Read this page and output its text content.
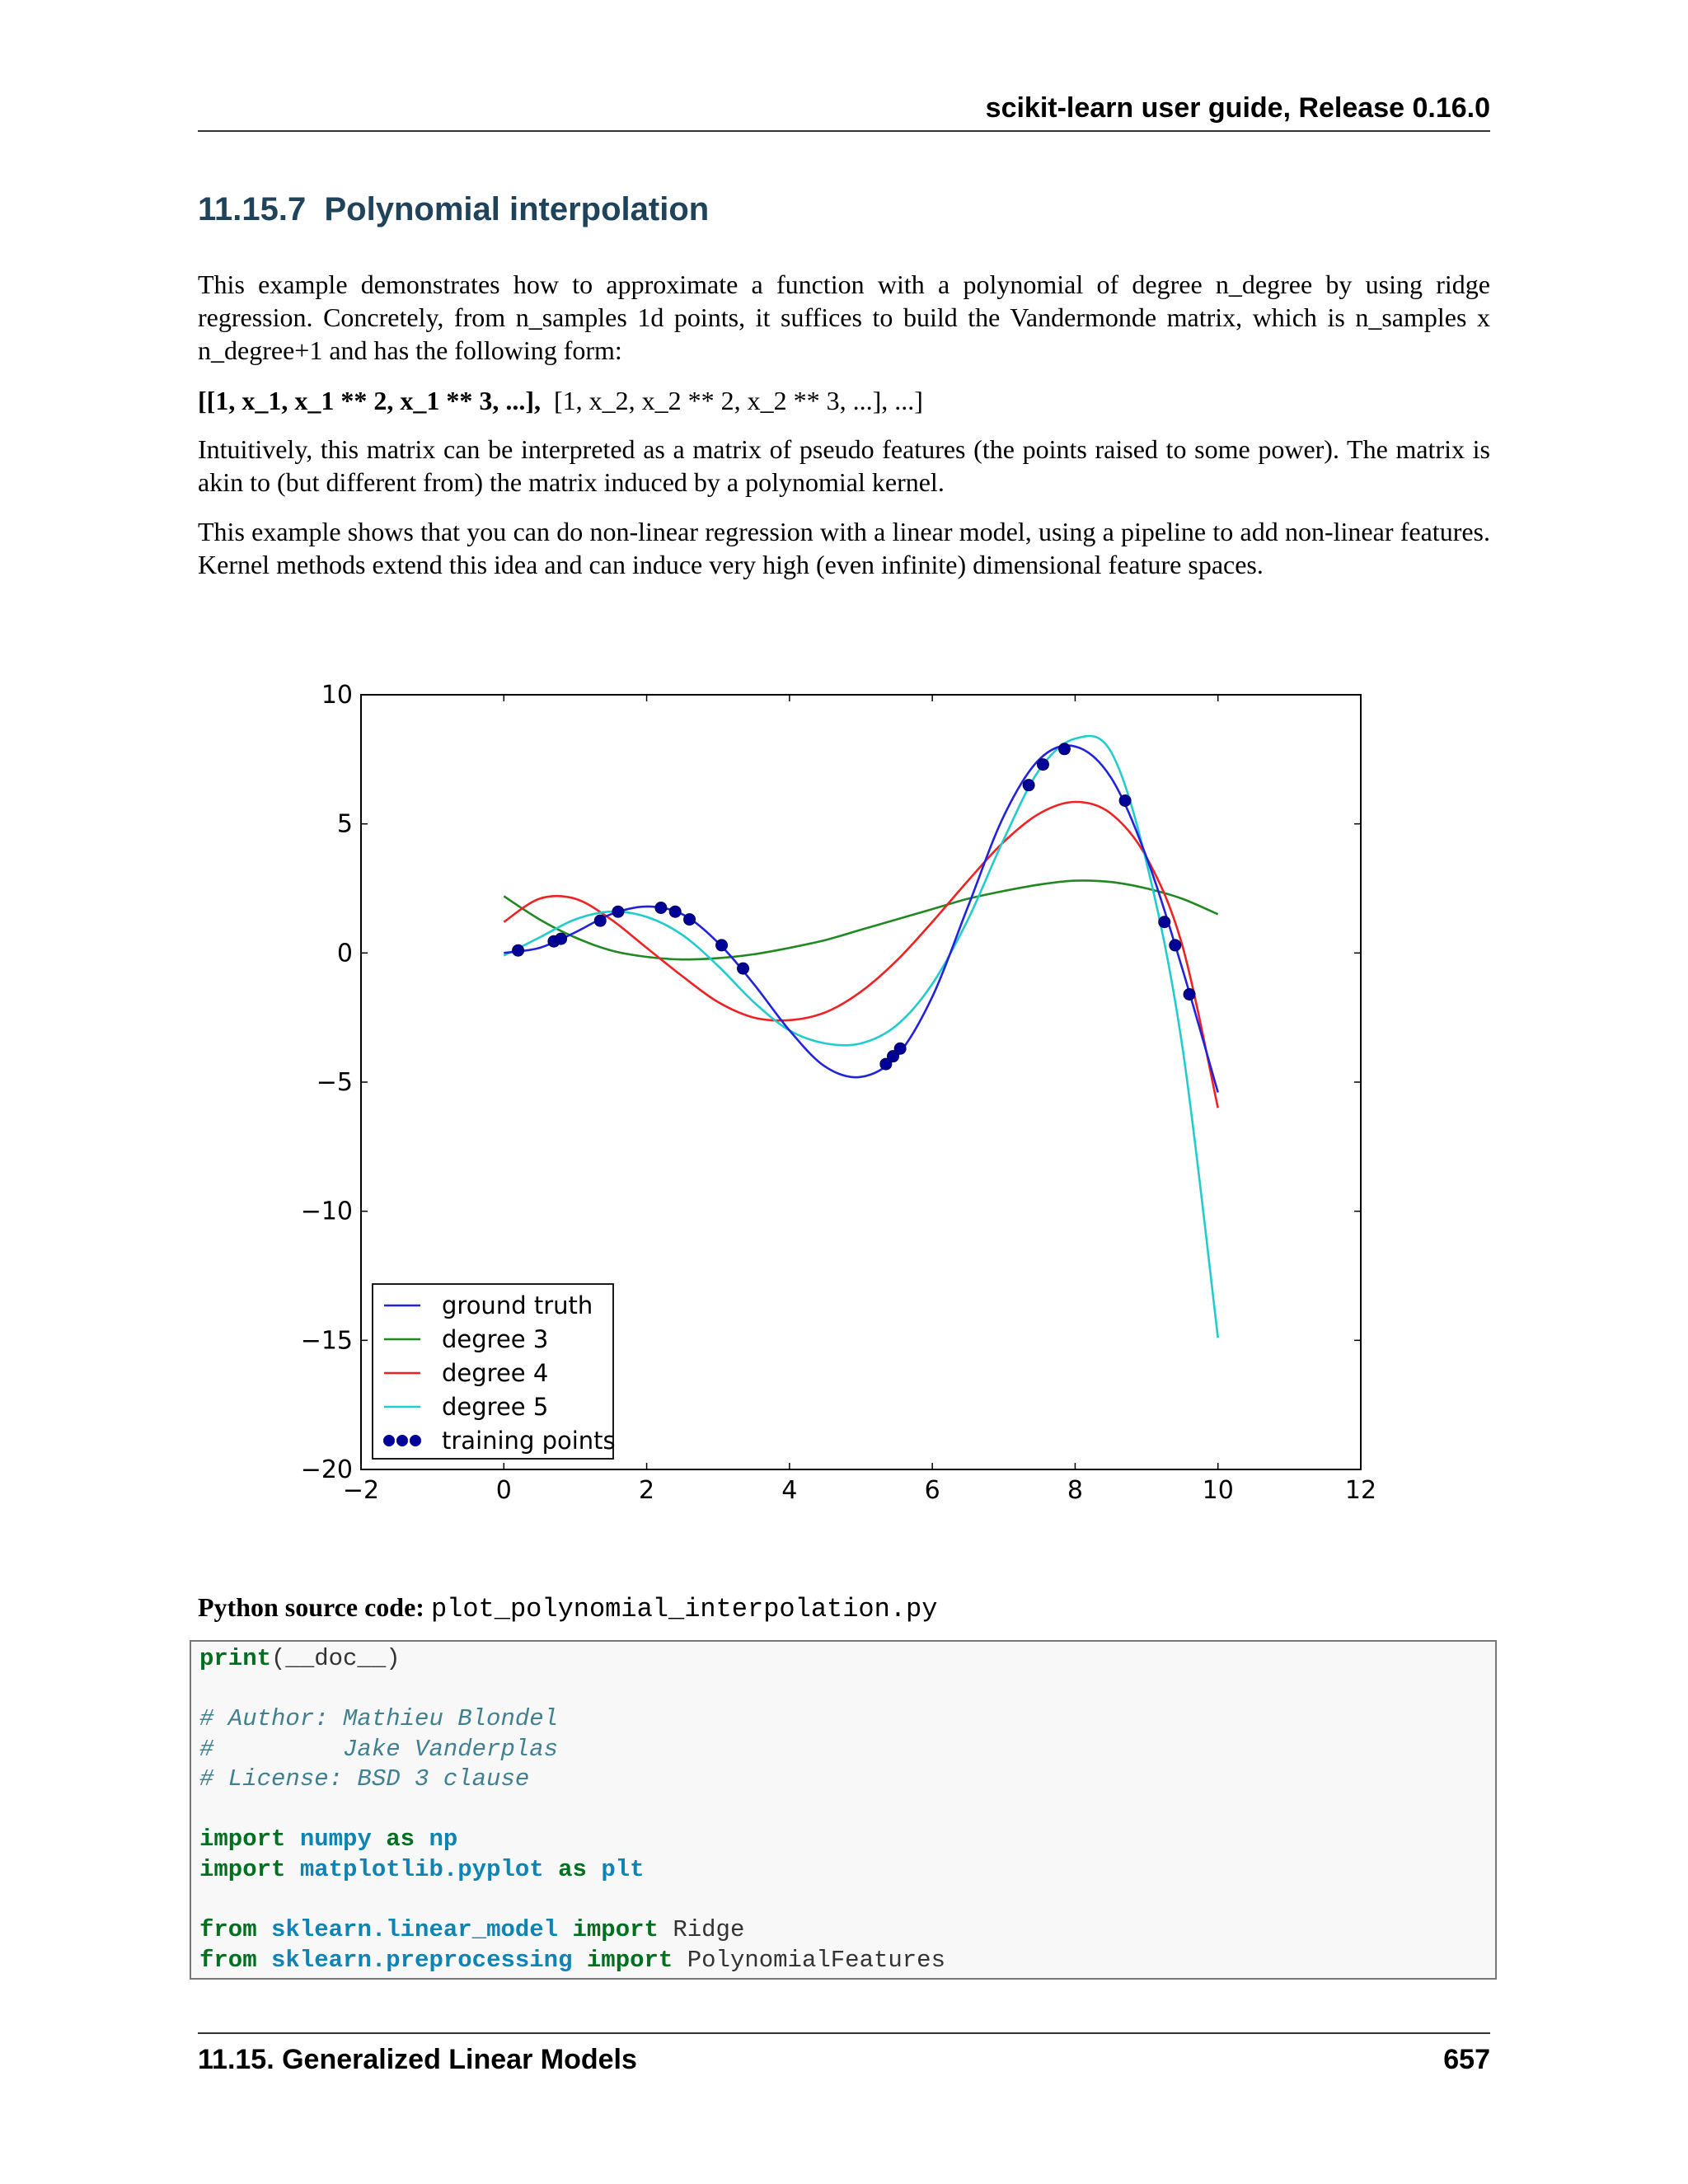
scikit-learn user guide, Release 0.16.0
11.15.7 Polynomial interpolation
This example demonstrates how to approximate a function with a polynomial of degree n_degree by using ridge regression. Concretely, from n_samples 1d points, it suffices to build the Vandermonde matrix, which is n_samples x n_degree+1 and has the following form:
[[1, x_1, x_1 ** 2, x_1 ** 3, ...], [1, x_2, x_2 ** 2, x_2 ** 3, ...], ...]
Intuitively, this matrix can be interpreted as a matrix of pseudo features (the points raised to some power). The matrix is akin to (but different from) the matrix induced by a polynomial kernel.
This example shows that you can do non-linear regression with a linear model, using a pipeline to add non-linear features. Kernel methods extend this idea and can induce very high (even infinite) dimensional feature spaces.
−2	0	2	4	6	8	10	12
10
5
0
−5
−10
−15
−20
ground truth
degree 3
degree 4
degree 5
training points
Python source code: plot_polynomial_interpolation.py
print(__doc__)
# Author: Mathieu Blondel
#         Jake Vanderplas
# License: BSD 3 clause
import numpy as np
import matplotlib.pyplot as plt
from sklearn.linear_model import Ridge
from sklearn.preprocessing import PolynomialFeatures
11.15. Generalized Linear Models	657
